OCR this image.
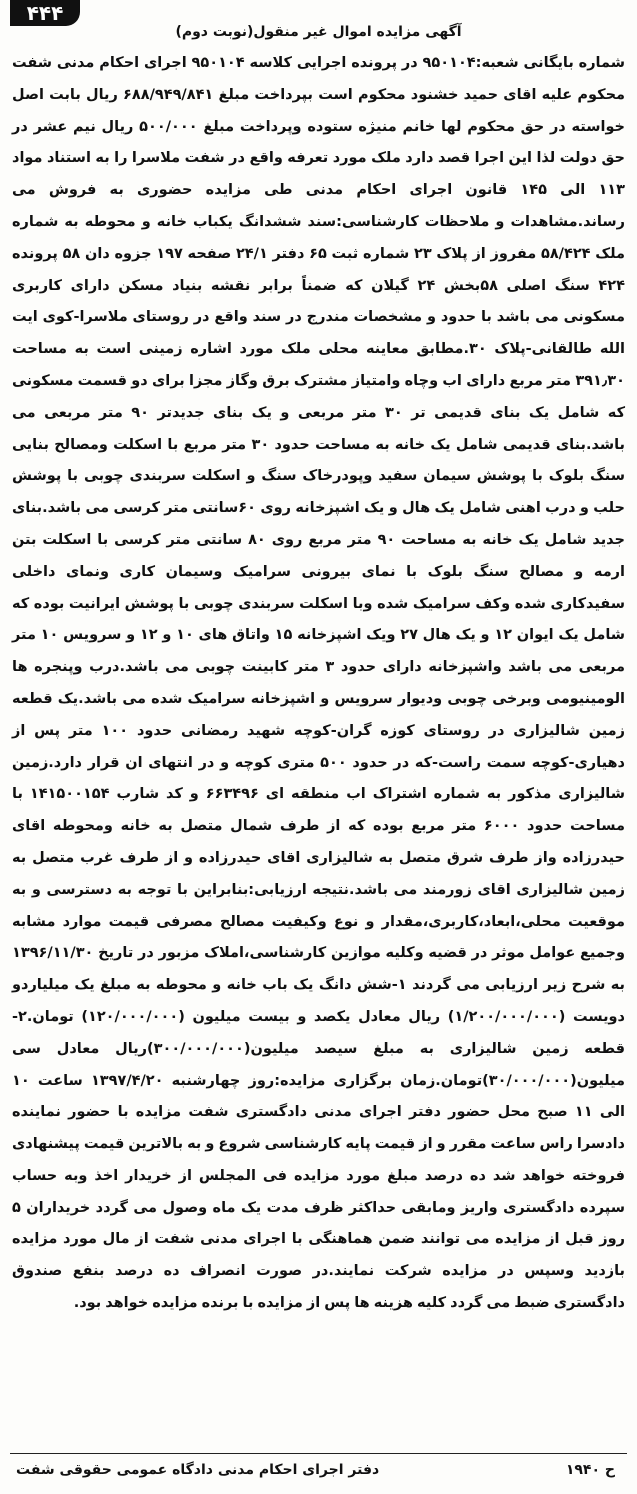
۴۴۴
آگهی مزایده اموال غیر منقول(نوبت دوم)

شماره بایگانی شعبه:۹۵۰۱۰۴ در پرونده اجرایی کلاسه ۹۵۰۱۰۴ اجرای احکام مدنی شفت محکوم علیه اقای حمید خشنود محکوم است بپرداخت مبلغ ۶۸۸/۹۴۹/۸۴۱ ریال بابت اصل خواسته در حق محکوم لها خانم منیژه ستوده وپرداخت مبلغ ۵۰۰/۰۰۰ ریال نیم عشر در حق دولت لذا این اجرا قصد دارد ملک مورد تعرفه واقع در شفت ملاسرا را به استناد مواد ۱۱۳ الی ۱۴۵ قانون اجرای احکام مدنی طی مزایده حضوری به فروش می رساند.مشاهدات و ملاحظات کارشناسی:سند ششدانگ یکباب خانه و محوطه به شماره ملک ۵۸/۴۲۴ مفروز از پلاک ۲۳ شماره ثبت ۶۵ دفتر ۲۴/۱ صفحه ۱۹۷ جزوه دان ۵۸ پرونده ۴۲۴ سنگ اصلی ۵۸بخش ۲۴ گیلان که ضمناً برابر نقشه بنیاد مسکن دارای کاربری مسکونی می باشد با حدود و مشخصات مندرج در سند واقع در روستای ملاسرا-کوی ایت الله طالقانی-پلاک ۳۰.مطابق معاینه محلی ملک مورد اشاره زمینی است به مساحت ۳۹۱٫۳۰ متر مربع دارای اب وچاه وامتیاز مشترک برق وگاز مجزا برای دو قسمت مسکونی که شامل یک بنای قدیمی تر ۳۰ متر مربعی و یک بنای جدیدتر ۹۰ متر مربعی می باشد.بنای قدیمی شامل یک خانه به مساحت حدود ۳۰ متر مربع با اسکلت ومصالح بنایی سنگ بلوک با پوشش سیمان سفید وپودرخاک سنگ و اسکلت سربندی چوبی با پوشش حلب و درب اهنی شامل یک هال و یک اشپزخانه روی ۶۰سانتی متر کرسی می باشد.بنای جدید شامل یک خانه به مساحت ۹۰ متر مربع روی ۸۰ سانتی متر کرسی با اسکلت بتن ارمه و مصالح سنگ بلوک با نمای بیرونی سرامیک وسیمان کاری ونمای داخلی سفیدکاری شده وکف سرامیک شده وبا اسکلت سربندی چوبی با پوشش ایرانیت بوده که شامل یک ایوان ۱۲ و یک هال ۲۷ ویک اشپزخانه ۱۵ واتاق های ۱۰ و ۱۲ و سرویس ۱۰ متر مربعی می باشد واشپزخانه دارای حدود ۳ متر کابینت چوبی می باشد.درب وپنجره ها الومینیومی وبرخی چوبی ودیوار سرویس و اشپزخانه سرامیک شده می باشد.یک قطعه زمین شالیزاری در روستای کوزه گران-کوچه شهید رمضانی حدود ۱۰۰ متر پس از دهیاری-کوچه سمت راست-که در حدود ۵۰۰ متری کوچه و در انتهای ان قرار دارد.زمین شالیزاری مذکور به شماره اشتراک اب منطقه ای ۶۶۳۴۹۶ و کد شارب ۱۴۱۵۰۰۱۵۴ با مساحت حدود ۶۰۰۰ متر مربع بوده که از طرف شمال متصل به خانه ومحوطه اقای حیدرزاده واز طرف شرق متصل به شالیزاری اقای حیدرزاده و از طرف غرب متصل به زمین شالیزاری اقای زورمند می باشد.نتیجه ارزیابی:بنابراین با توجه به دسترسی و به موقعیت محلی،ابعاد،کاربری،مقدار و نوع وکیفیت مصالح مصرفی قیمت موارد مشابه وجمیع عوامل موثر در قضیه وکلیه موازین کارشناسی،املاک مزبور در تاریخ ۱۳۹۶/۱۱/۳۰ به شرح زیر ارزیابی می گردند ۱-شش دانگ یک باب خانه و محوطه به مبلغ یک میلیاردو دویست (۱/۲۰۰/۰۰۰/۰۰۰) ریال معادل یکصد و بیست میلیون (۱۲۰/۰۰۰/۰۰۰) تومان.۲-قطعه زمین شالیزاری به مبلغ سیصد میلیون(۳۰۰/۰۰۰/۰۰۰)ریال معادل سی میلیون(۳۰/۰۰۰/۰۰۰)تومان.زمان برگزاری مزایده:روز چهارشنبه ۱۳۹۷/۴/۲۰ ساعت ۱۰ الی ۱۱ صبح محل حضور دفتر اجرای مدنی دادگستری شفت مزایده با حضور نماینده دادسرا راس ساعت مقرر و از قیمت پایه کارشناسی شروع و به بالاترین قیمت پیشنهادی فروخته خواهد شد ده درصد مبلغ مورد مزایده فی المجلس از خریدار اخذ وبه حساب سپرده دادگستری واریز ومابقی حداکثر ظرف مدت یک ماه وصول می گردد خریداران ۵ روز قبل از مزایده می توانند ضمن هماهنگی با اجرای مدنی شفت از مال مورد مزایده بازدید وسپس در مزایده شرکت نمایند.در صورت انصراف ده درصد بنفع صندوق دادگستری ضبط می گردد کلیه هزینه ها پس از مزایده با برنده مزایده خواهد بود.

ح ۱۹۴۰
دفتر اجرای احکام مدنی دادگاه عمومی حقوقی شفت
